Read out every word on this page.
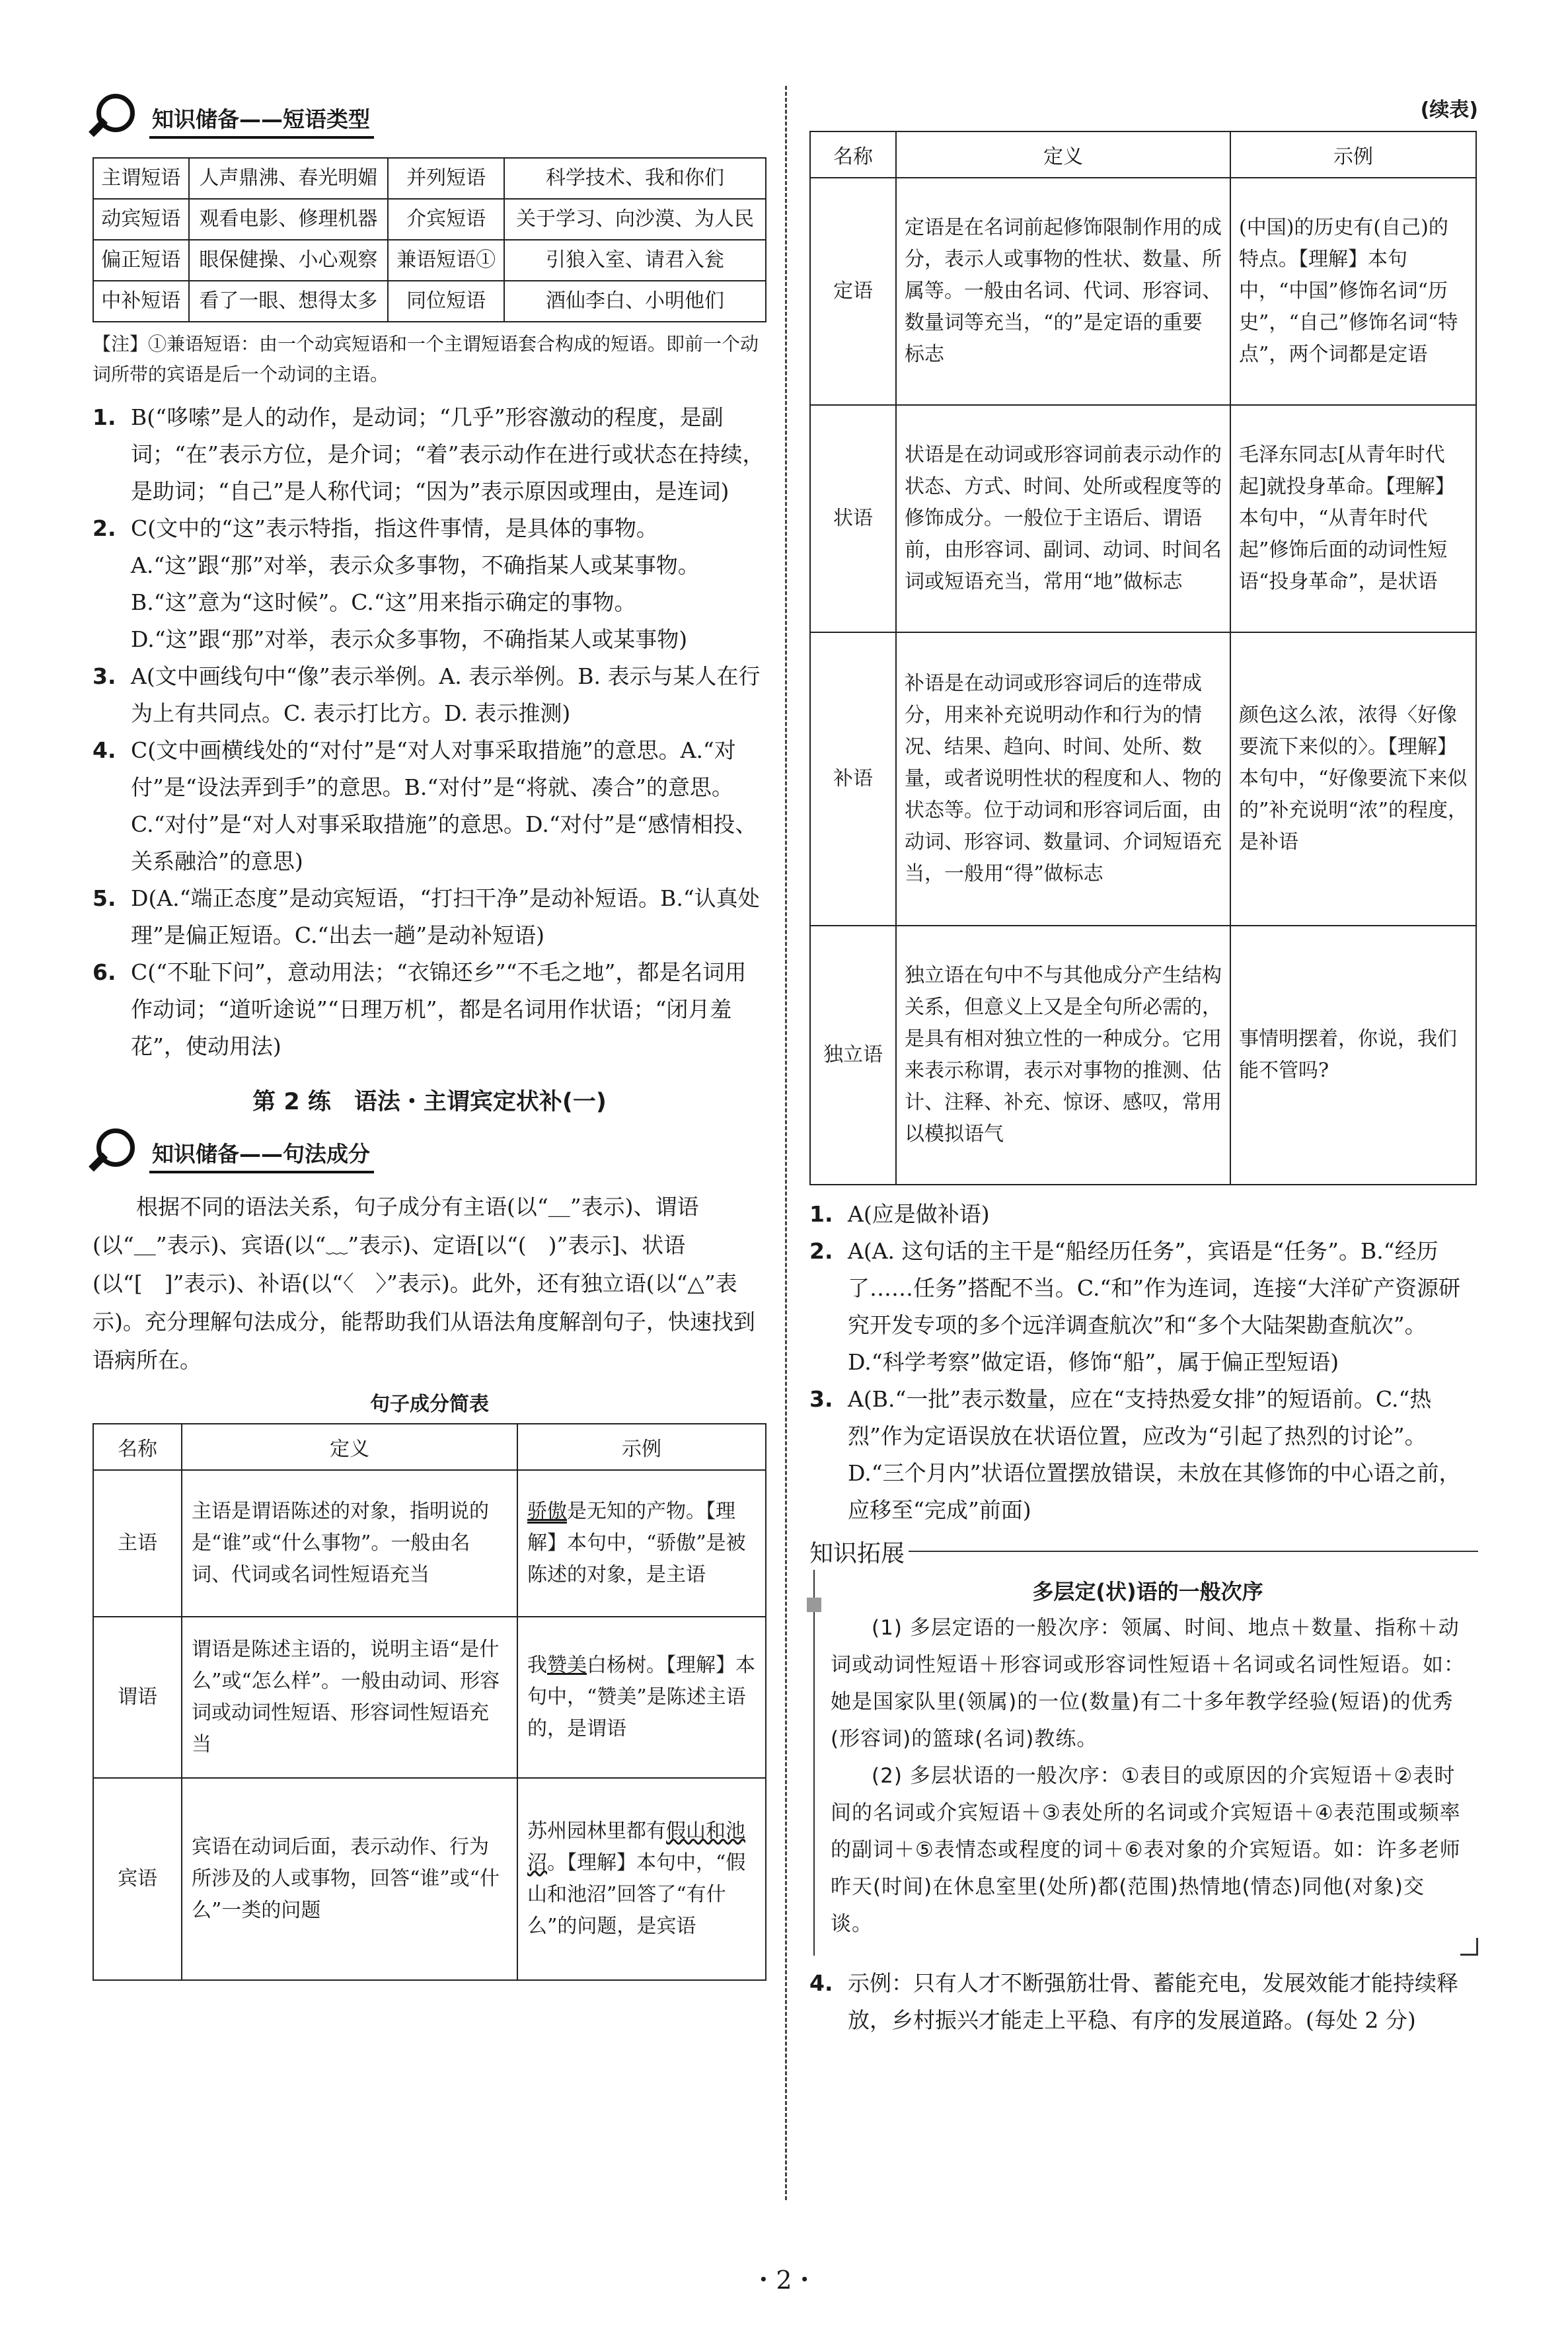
知识储备——短语类型
主谓短语	人声鼎沸、春光明媚	并列短语	科学技术、我和你们
动宾短语	观看电影、修理机器	介宾短语	关于学习、向沙漠、为人民
偏正短语	眼保健操、小心观察	兼语短语①	引狼入室、请君入瓮
中补短语	看了一眼、想得太多	同位短语	酒仙李白、小明他们
【注】①兼语短语：由一个动宾短语和一个主谓短语套合构成的短语。即前一个动词所带的宾语是后一个动词的主语。
1. B(“哆嗦”是人的动作，是动词；“几乎”形容激动的程度，是副词；“在”表示方位，是介词；“着”表示动作在进行或状态在持续，是助词；“自己”是人称代词；“因为”表示原因或理由，是连词)
2. C(文中的“这”表示特指，指这件事情，是具体的事物。A.“这”跟“那”对举，表示众多事物，不确指某人或某事物。B.“这”意为“这时候”。C.“这”用来指示确定的事物。D.“这”跟“那”对举，表示众多事物，不确指某人或某事物)
3. A(文中画线句中“像”表示举例。A. 表示举例。B. 表示与某人在行为上有共同点。C. 表示打比方。D. 表示推测)
4. C(文中画横线处的“对付”是“对人对事采取措施”的意思。A.“对付”是“设法弄到手”的意思。B.“对付”是“将就、凑合”的意思。C.“对付”是“对人对事采取措施”的意思。D.“对付”是“感情相投、关系融洽”的意思)
5. D(A.“端正态度”是动宾短语，“打扫干净”是动补短语。B.“认真处理”是偏正短语。C.“出去一趟”是动补短语)
6. C(“不耻下问”，意动用法；“衣锦还乡”“不毛之地”，都是名词用作动词；“道听途说”“日理万机”，都是名词用作状语；“闭月羞花”，使动用法)
第 2 练　语法・主谓宾定状补(一)
知识储备——句法成分
根据不同的语法关系，句子成分有主语(以“＿”表示)、谓语(以“＿”表示)、宾语(以“﹏”表示)、定语[以“(　)”表示]、状语(以“[　]”表示)、补语(以“〈　〉”表示)。此外，还有独立语(以“△”表示)。充分理解句法成分，能帮助我们从语法角度解剖句子，快速找到语病所在。
句子成分简表
名称	定义	示例
主语	主语是谓语陈述的对象，指明说的是“谁”或“什么事物”。一般由名词、代词或名词性短语充当	骄傲是无知的产物。【理解】本句中，“骄傲”是被陈述的对象，是主语
谓语	谓语是陈述主语的，说明主语“是什么”或“怎么样”。一般由动词、形容词或动词性短语、形容词性短语充当	我赞美白杨树。【理解】本句中，“赞美”是陈述主语的，是谓语
宾语	宾语在动词后面，表示动作、行为所涉及的人或事物，回答“谁”或“什么”一类的问题	苏州园林里都有假山和池沼。【理解】本句中，“假山和池沼”回答了“有什么”的问题，是宾语
(续表)
名称	定义	示例
定语	定语是在名词前起修饰限制作用的成分，表示人或事物的性状、数量、所属等。一般由名词、代词、形容词、数量词等充当，“的”是定语的重要标志	(中国)的历史有(自己)的特点。【理解】本句中，“中国”修饰名词“历史”，“自己”修饰名词“特点”，两个词都是定语
状语	状语是在动词或形容词前表示动作的状态、方式、时间、处所或程度等的修饰成分。一般位于主语后、谓语前，由形容词、副词、动词、时间名词或短语充当，常用“地”做标志	毛泽东同志[从青年时代起]就投身革命。【理解】本句中，“从青年时代起”修饰后面的动词性短语“投身革命”，是状语
补语	补语是在动词或形容词后的连带成分，用来补充说明动作和行为的情况、结果、趋向、时间、处所、数量，或者说明性状的程度和人、物的状态等。位于动词和形容词后面，由动词、形容词、数量词、介词短语充当，一般用“得”做标志	颜色这么浓，浓得〈好像要流下来似的〉。【理解】本句中，“好像要流下来似的”补充说明“浓”的程度，是补语
独立语	独立语在句中不与其他成分产生结构关系，但意义上又是全句所必需的，是具有相对独立性的一种成分。它用来表示称谓，表示对事物的推测、估计、注释、补充、惊讶、感叹，常用以模拟语气	事情明摆着，你说，我们能不管吗?
1. A(应是做补语)
2. A(A. 这句话的主干是“船经历任务”，宾语是“任务”。B.“经历了……任务”搭配不当。C.“和”作为连词，连接“大洋矿产资源研究开发专项的多个远洋调查航次”和“多个大陆架勘查航次”。D.“科学考察”做定语，修饰“船”，属于偏正型短语)
3. A(B.“一批”表示数量，应在“支持热爱女排”的短语前。C.“热烈”作为定语误放在状语位置，应改为“引起了热烈的讨论”。D.“三个月内”状语位置摆放错误，未放在其修饰的中心语之前，应移至“完成”前面)
知识拓展
多层定(状)语的一般次序
(1) 多层定语的一般次序：领属、时间、地点＋数量、指称＋动词或动词性短语＋形容词或形容词性短语＋名词或名词性短语。如：她是国家队里(领属)的一位(数量)有二十多年教学经验(短语)的优秀(形容词)的篮球(名词)教练。
(2) 多层状语的一般次序：①表目的或原因的介宾短语＋②表时间的名词或介宾短语＋③表处所的名词或介宾短语＋④表范围或频率的副词＋⑤表情态或程度的词＋⑥表对象的介宾短语。如：许多老师昨天(时间)在休息室里(处所)都(范围)热情地(情态)同他(对象)交谈。
4. 示例：只有人才不断强筋壮骨、蓄能充电，发展效能才能持续释放，乡村振兴才能走上平稳、有序的发展道路。(每处 2 分)
・2・
